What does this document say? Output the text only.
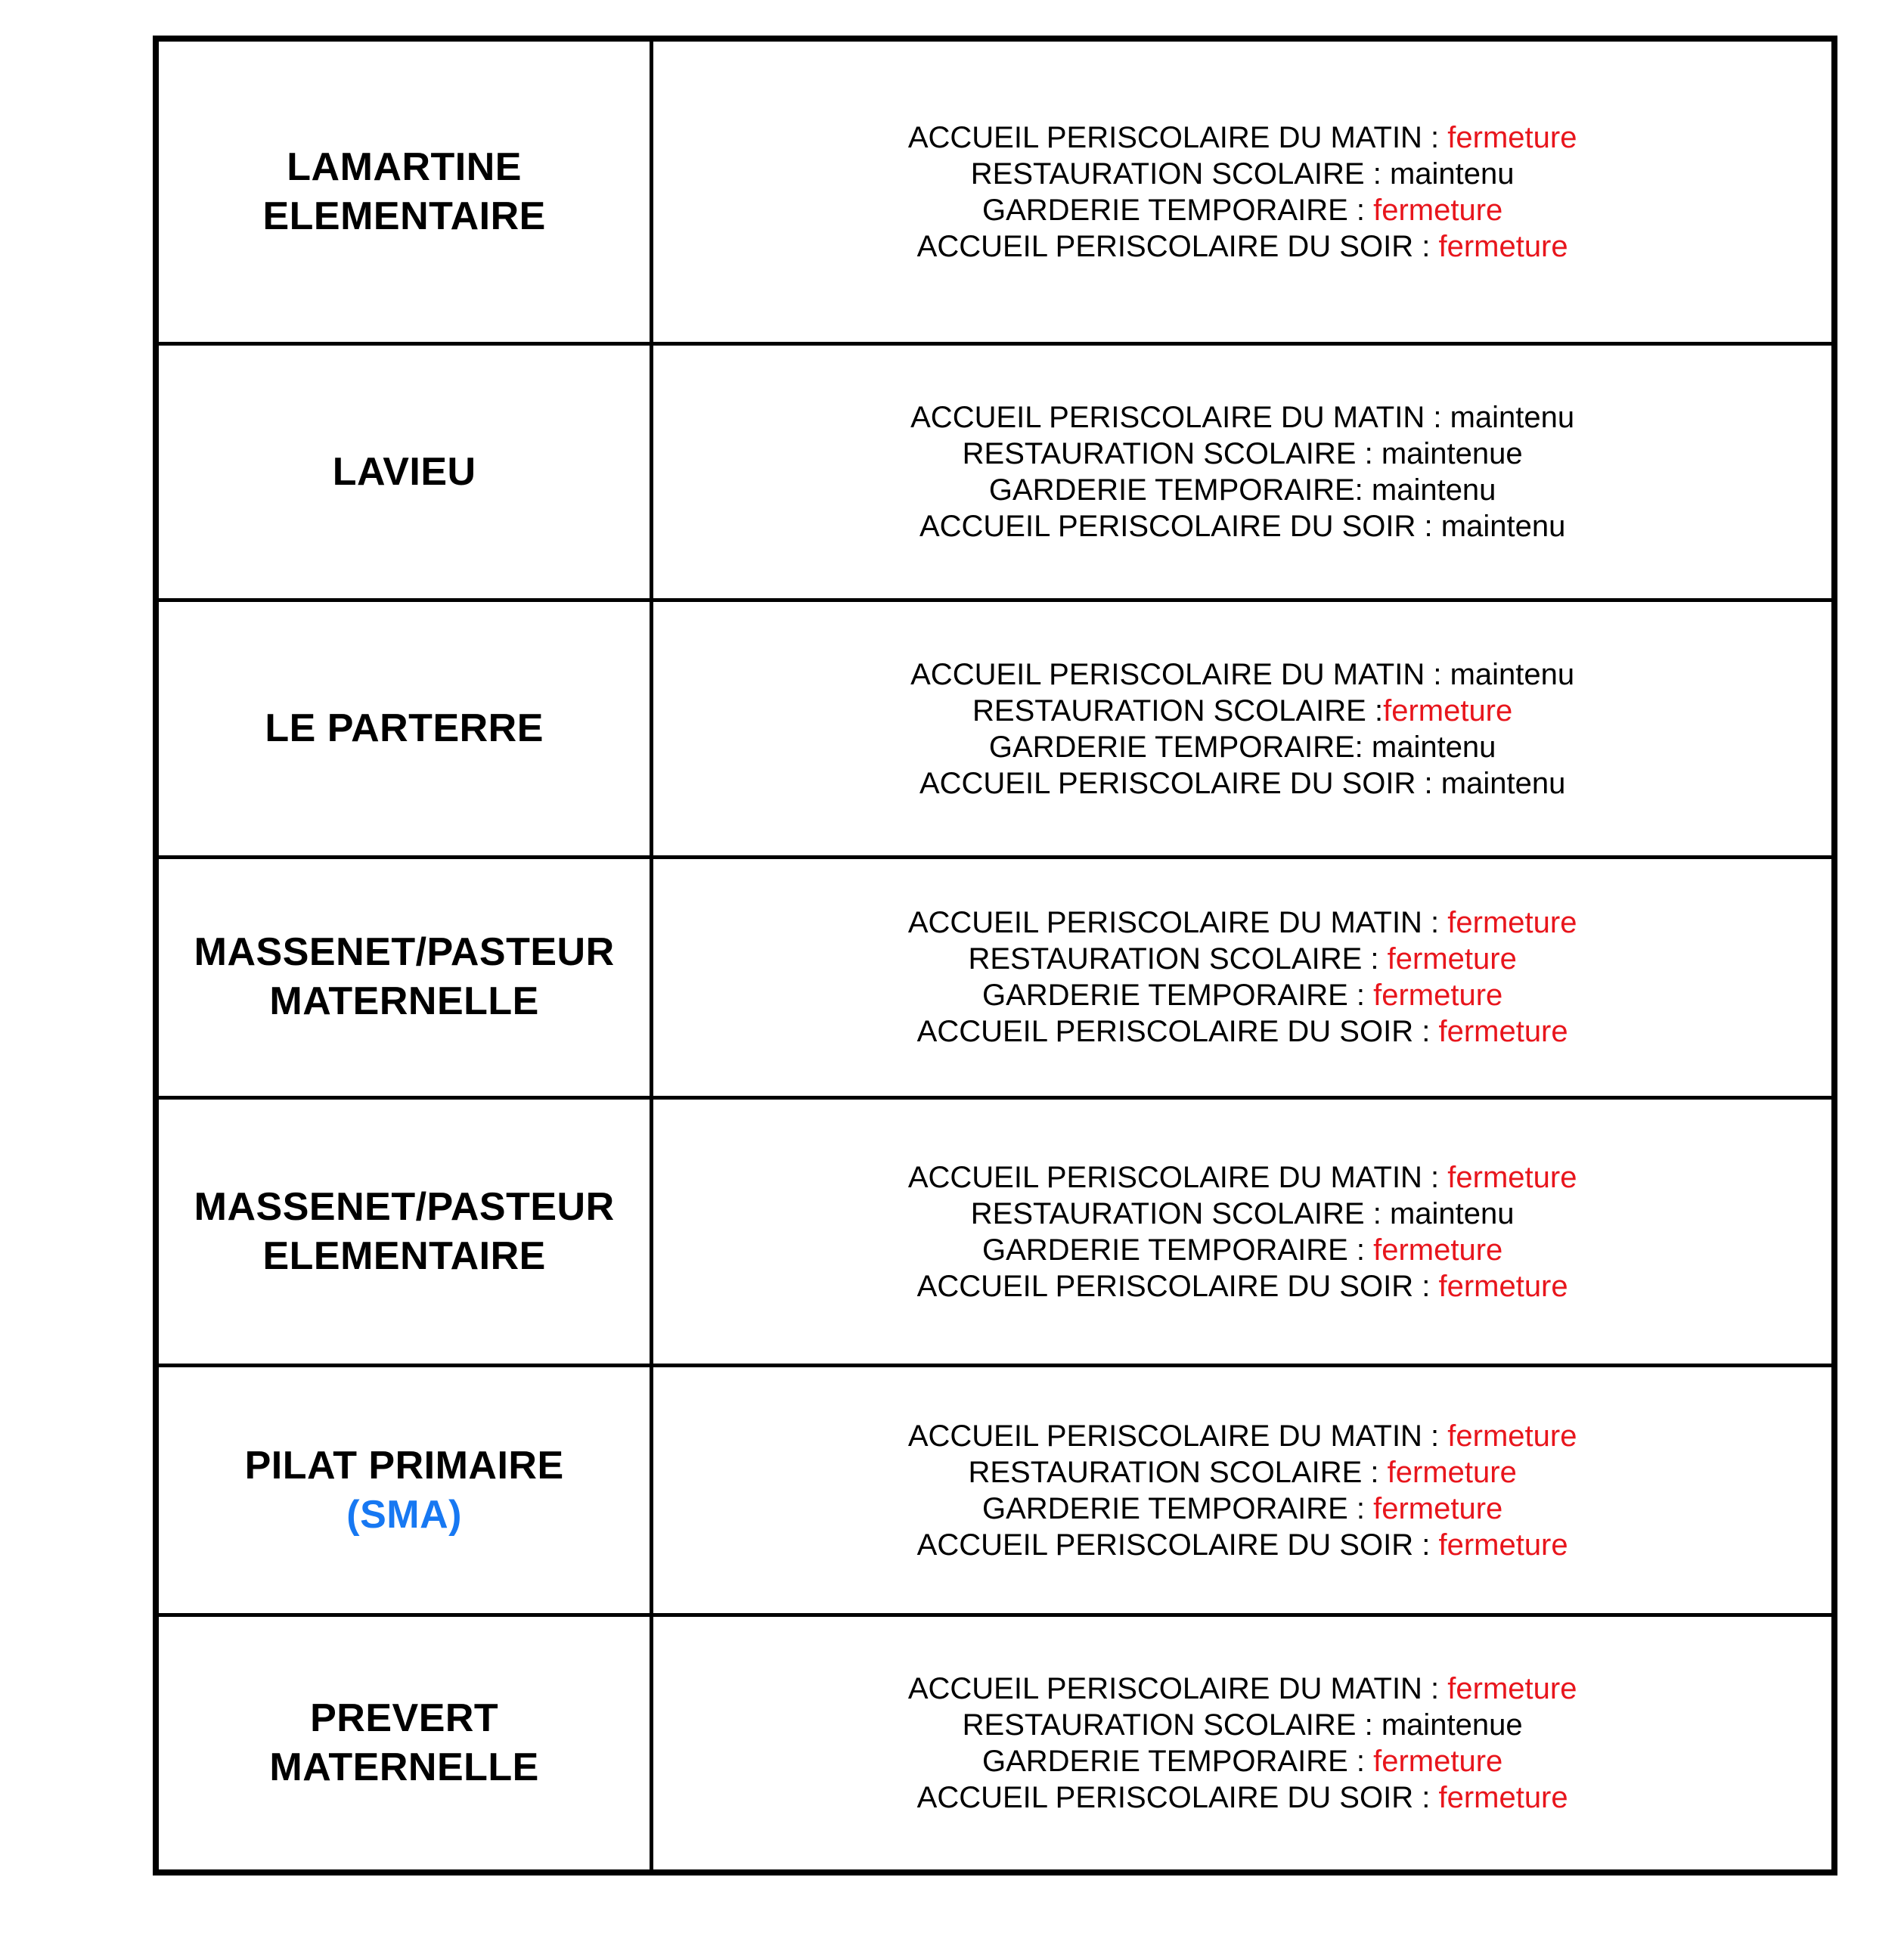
LAMARTINE
ELEMENTAIRE
ACCUEIL PERISCOLAIRE DU MATIN : fermeture
RESTAURATION SCOLAIRE : maintenu
GARDERIE TEMPORAIRE : fermeture
ACCUEIL PERISCOLAIRE DU SOIR : fermeture
LAVIEU
ACCUEIL PERISCOLAIRE DU MATIN : maintenu
RESTAURATION SCOLAIRE : maintenue
GARDERIE TEMPORAIRE: maintenu
ACCUEIL PERISCOLAIRE DU SOIR : maintenu
LE PARTERRE
ACCUEIL PERISCOLAIRE DU MATIN : maintenu
RESTAURATION SCOLAIRE :fermeture
GARDERIE TEMPORAIRE: maintenu
ACCUEIL PERISCOLAIRE DU SOIR : maintenu
MASSENET/PASTEUR
MATERNELLE
ACCUEIL PERISCOLAIRE DU MATIN : fermeture
RESTAURATION SCOLAIRE : fermeture
GARDERIE TEMPORAIRE : fermeture
ACCUEIL PERISCOLAIRE DU SOIR : fermeture
MASSENET/PASTEUR
ELEMENTAIRE
ACCUEIL PERISCOLAIRE DU MATIN : fermeture
RESTAURATION SCOLAIRE : maintenu
GARDERIE TEMPORAIRE : fermeture
ACCUEIL PERISCOLAIRE DU SOIR : fermeture
PILAT PRIMAIRE
(SMA)
ACCUEIL PERISCOLAIRE DU MATIN : fermeture
RESTAURATION SCOLAIRE : fermeture
GARDERIE TEMPORAIRE : fermeture
ACCUEIL PERISCOLAIRE DU SOIR : fermeture
PREVERT
MATERNELLE
ACCUEIL PERISCOLAIRE DU MATIN : fermeture
RESTAURATION SCOLAIRE : maintenue
GARDERIE TEMPORAIRE : fermeture
ACCUEIL PERISCOLAIRE DU SOIR : fermeture
